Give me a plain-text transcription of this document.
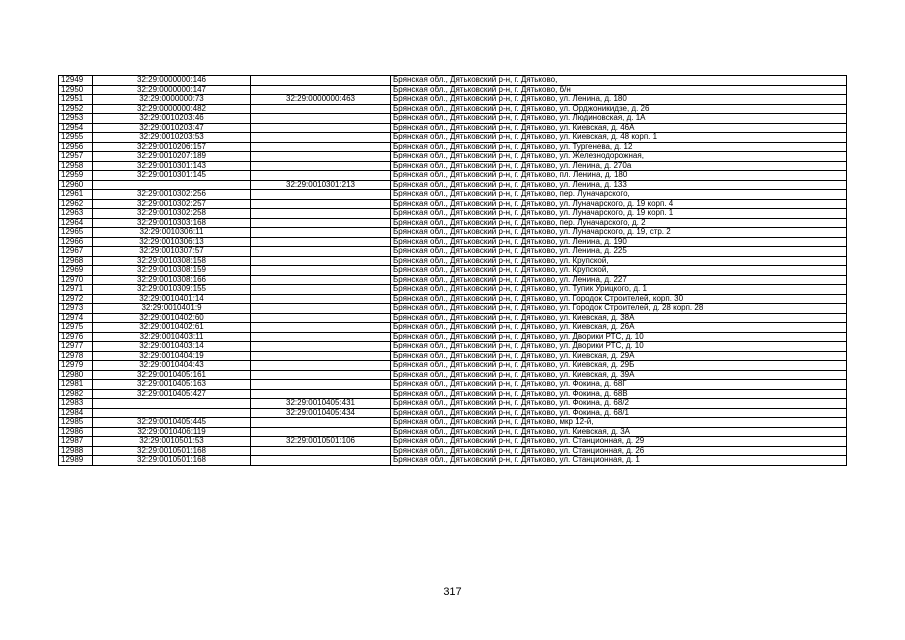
12949	32:29:0000000:146		Брянская обл., Дятьковский р-н, г. Дятьково,
12950	32:29:0000000:147		Брянская обл., Дятьковский р-н, г. Дятьково, б/н
12951	32:29:0000000:73	32:29:0000000:463	Брянская обл., Дятьковский р-н, г. Дятьково, ул. Ленина, д. 180
12952	32:29:0000000:482		Брянская обл., Дятьковский р-н, г. Дятьково, ул. Орджоникидзе, д. 26
12953	32:29:0010203:46		Брянская обл., Дятьковский р-н, г. Дятьково, ул. Людиновская, д. 1А
12954	32:29:0010203:47		Брянская обл., Дятьковский р-н, г. Дятьково, ул. Киевская, д. 46А
12955	32:29:0010203:53		Брянская обл., Дятьковский р-н, г. Дятьково, ул. Киевская, д. 48 корп. 1
12956	32:29:0010206:157		Брянская обл., Дятьковский р-н, г. Дятьково, ул. Тургенева, д. 12
12957	32:29:0010207:189		Брянская обл., Дятьковский р-н, г. Дятьково, ул. Железнодорожная,
12958	32:29:0010301:143		Брянская обл., Дятьковский р-н, г. Дятьково, ул. Ленина, д. 270а
12959	32:29:0010301:145		Брянская обл., Дятьковский р-н, г. Дятьково, пл. Ленина, д. 180
12960		32:29:0010301:213	Брянская обл., Дятьковский р-н, г. Дятьково, ул. Ленина, д. 133
12961	32:29:0010302:256		Брянская обл., Дятьковский р-н, г. Дятьково, пер. Луначарского,
12962	32:29:0010302:257		Брянская обл., Дятьковский р-н, г. Дятьково, ул. Луначарского, д. 19 корп. 4
12963	32:29:0010302:258		Брянская обл., Дятьковский р-н, г. Дятьково, ул. Луначарского, д. 19 корп. 1
12964	32:29:0010303:168		Брянская обл., Дятьковский р-н, г. Дятьково, пер. Луначарского, д. 2
12965	32:29:0010306:11		Брянская обл., Дятьковский р-н, г. Дятьково, ул. Луначарского, д. 19, стр. 2
12966	32:29:0010306:13		Брянская обл., Дятьковский р-н, г. Дятьково, ул. Ленина, д. 190
12967	32:29:0010307:57		Брянская обл., Дятьковский р-н, г. Дятьково, ул. Ленина, д. 225
12968	32:29:0010308:158		Брянская обл., Дятьковский р-н, г. Дятьково, ул. Крупской,
12969	32:29:0010308:159		Брянская обл., Дятьковский р-н, г. Дятьково, ул. Крупской,
12970	32:29:0010308:166		Брянская обл., Дятьковский р-н, г. Дятьково, ул. Ленина, д. 227
12971	32:29:0010309:155		Брянская обл., Дятьковский р-н, г. Дятьково, ул. Тупик Урицкого, д. 1
12972	32:29:0010401:14		Брянская обл., Дятьковский р-н, г. Дятьково, ул. Городок Строителей, корп. 30
12973	32:29:0010401:9		Брянская обл., Дятьковский р-н, г. Дятьково, ул. Городок Строителей, д. 28 корп. 28
12974	32:29:0010402:60		Брянская обл., Дятьковский р-н, г. Дятьково, ул. Киевская, д. 38А
12975	32:29:0010402:61		Брянская обл., Дятьковский р-н, г. Дятьково, ул. Киевская, д. 26А
12976	32:29:0010403:11		Брянская обл., Дятьковский р-н, г. Дятьково, ул. Дворики РТС, д. 10
12977	32:29:0010403:14		Брянская обл., Дятьковский р-н, г. Дятьково, ул. Дворики РТС, д. 10
12978	32:29:0010404:19		Брянская обл., Дятьковский р-н, г. Дятьково, ул. Киевская, д. 29А
12979	32:29:0010404:43		Брянская обл., Дятьковский р-н, г. Дятьково, ул. Киевская, д. 29Б
12980	32:29:0010405:161		Брянская обл., Дятьковский р-н, г. Дятьково, ул. Киевская, д. 39А
12981	32:29:0010405:163		Брянская обл., Дятьковский р-н, г. Дятьково, ул. Фокина, д. 68Г
12982	32:29:0010405:427		Брянская обл., Дятьковский р-н, г. Дятьково, ул. Фокина, д. 68В
12983		32:29:0010405:431	Брянская обл., Дятьковский р-н, г. Дятьково, ул. Фокина, д. 68/2
12984		32:29:0010405:434	Брянская обл., Дятьковский р-н, г. Дятьково, ул. Фокина, д. 68/1
12985	32:29:0010405:445		Брянская обл., Дятьковский р-н, г. Дятьково, мкр 12-й,
12986	32:29:0010406:119		Брянская обл., Дятьковский р-н, г. Дятьково, ул. Киевская, д. 3А
12987	32:29:0010501:53	32:29:0010501:106	Брянская обл., Дятьковский р-н, г. Дятьково, ул. Станционная, д. 29
12988	32:29:0010501:168		Брянская обл., Дятьковский р-н, г. Дятьково, ул. Станционная, д. 26
12989	32:29:0010501:168		Брянская обл., Дятьковский р-н, г. Дятьково, ул. Станционная, д. 1
317
